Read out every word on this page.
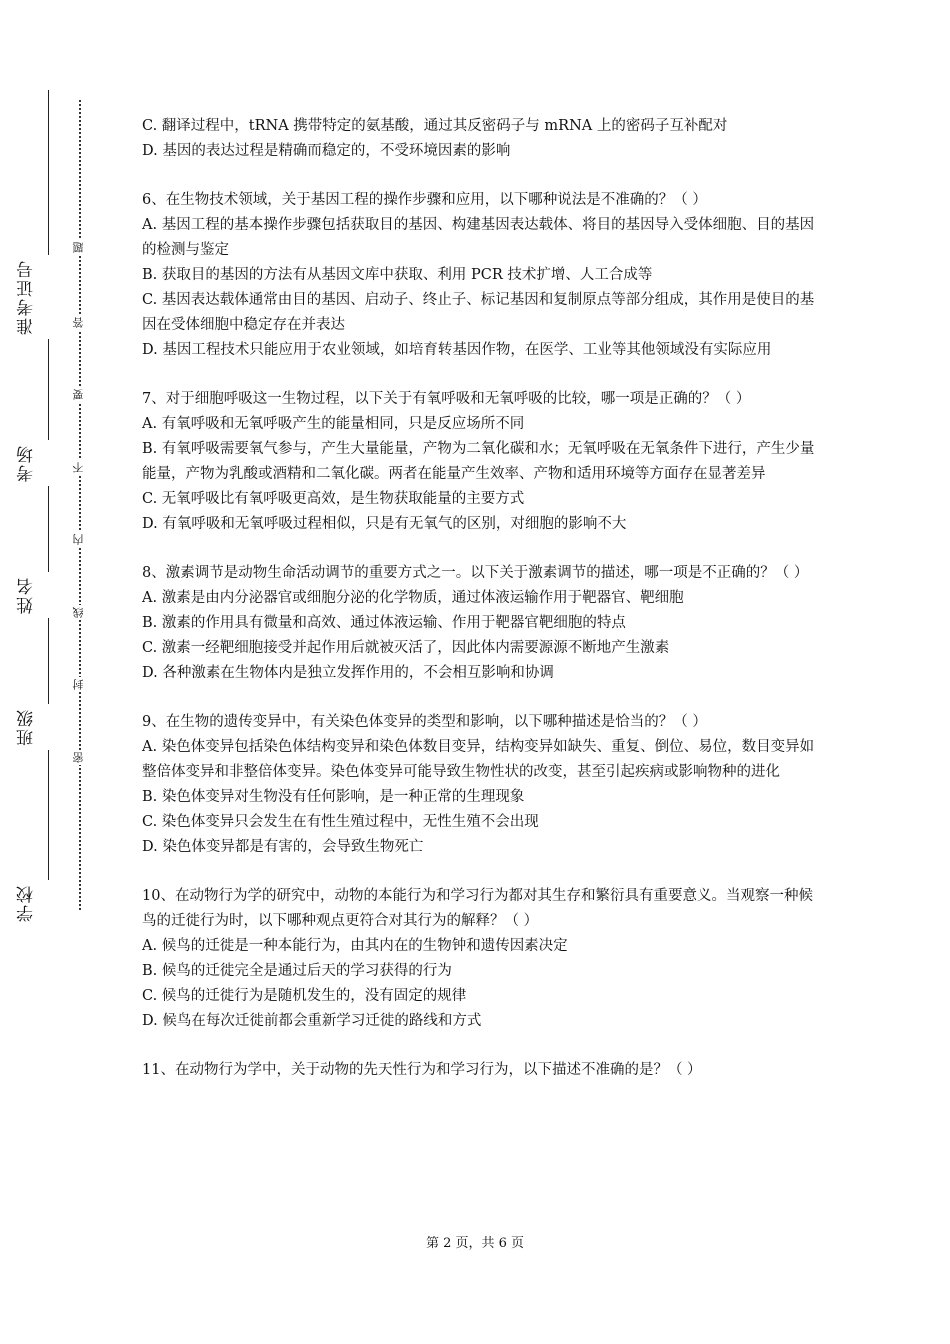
准考证号
考场
姓名
班级
学校
题
答
要
不
内
线
封
密

C. 翻译过程中，tRNA 携带特定的氨基酸，通过其反密码子与 mRNA 上的密码子互补配对

D. 基因的表达过程是精确而稳定的，不受环境因素的影响

6、在生物技术领域，关于基因工程的操作步骤和应用，以下哪种说法是不准确的？（ ）

A. 基因工程的基本操作步骤包括获取目的基因、构建基因表达载体、将目的基因导入受体细胞、目的基因的检测与鉴定

B. 获取目的基因的方法有从基因文库中获取、利用 PCR 技术扩增、人工合成等

C. 基因表达载体通常由目的基因、启动子、终止子、标记基因和复制原点等部分组成，其作用是使目的基因在受体细胞中稳定存在并表达

D. 基因工程技术只能应用于农业领域，如培育转基因作物，在医学、工业等其他领域没有实际应用

7、对于细胞呼吸这一生物过程，以下关于有氧呼吸和无氧呼吸的比较，哪一项是正确的？（ ）

A. 有氧呼吸和无氧呼吸产生的能量相同，只是反应场所不同

B. 有氧呼吸需要氧气参与，产生大量能量，产物为二氧化碳和水；无氧呼吸在无氧条件下进行，产生少量能量，产物为乳酸或酒精和二氧化碳。两者在能量产生效率、产物和适用环境等方面存在显著差异

C. 无氧呼吸比有氧呼吸更高效，是生物获取能量的主要方式

D. 有氧呼吸和无氧呼吸过程相似，只是有无氧气的区别，对细胞的影响不大

8、激素调节是动物生命活动调节的重要方式之一。以下关于激素调节的描述，哪一项是不正确的？（ ）

A. 激素是由内分泌器官或细胞分泌的化学物质，通过体液运输作用于靶器官、靶细胞

B. 激素的作用具有微量和高效、通过体液运输、作用于靶器官靶细胞的特点

C. 激素一经靶细胞接受并起作用后就被灭活了，因此体内需要源源不断地产生激素

D. 各种激素在生物体内是独立发挥作用的，不会相互影响和协调

9、在生物的遗传变异中，有关染色体变异的类型和影响，以下哪种描述是恰当的？（ ）

A. 染色体变异包括染色体结构变异和染色体数目变异，结构变异如缺失、重复、倒位、易位，数目变异如整倍体变异和非整倍体变异。染色体变异可能导致生物性状的改变，甚至引起疾病或影响物种的进化

B. 染色体变异对生物没有任何影响，是一种正常的生理现象

C. 染色体变异只会发生在有性生殖过程中，无性生殖不会出现

D. 染色体变异都是有害的，会导致生物死亡

10、在动物行为学的研究中，动物的本能行为和学习行为都对其生存和繁衍具有重要意义。当观察一种候鸟的迁徙行为时，以下哪种观点更符合对其行为的解释？（ ）

A. 候鸟的迁徙是一种本能行为，由其内在的生物钟和遗传因素决定

B. 候鸟的迁徙完全是通过后天的学习获得的行为

C. 候鸟的迁徙行为是随机发生的，没有固定的规律

D. 候鸟在每次迁徙前都会重新学习迁徙的路线和方式

11、在动物行为学中，关于动物的先天性行为和学习行为，以下描述不准确的是？（ ）

第 2 页，共 6 页
